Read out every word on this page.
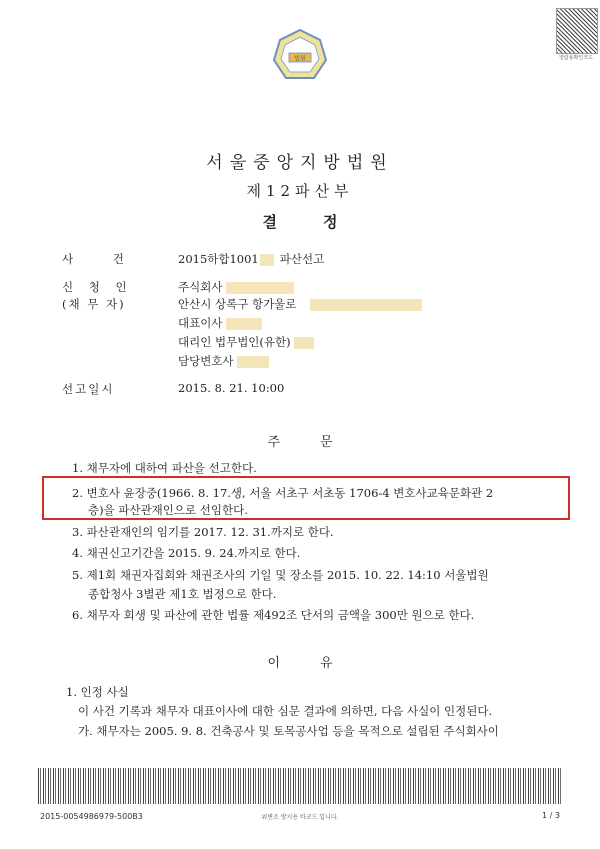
법원	열람용확인코드
서울중앙지방법원
제12파산부
결정
사 건	2015하합1001 파산선고
신 청 인	주식회사
(채 무 자)	안산시 상록구 항가울로
대표이사
대리인 법무법인(유한)
담당변호사
선고일시	2015. 8. 21. 10:00
주문
1. 채무자에 대하여 파산을 선고한다.
2. 변호사 윤장중(1966. 8. 17.생, 서울 서초구 서초동 1706-4 변호사교육문화관 2
층)을 파산관재인으로 선임한다.
3. 파산관재인의 임기를 2017. 12. 31.까지로 한다.
4. 채권신고기간을 2015. 9. 24.까지로 한다.
5. 제1회 채권자집회와 채권조사의 기일 및 장소를 2015. 10. 22. 14:10 서울법원
종합청사 3별관 제1호 법정으로 한다.
6. 채무자 회생 및 파산에 관한 법률 제492조 단서의 금액을 300만 원으로 한다.
이유
1. 인정 사실
이 사건 기록과 채무자 대표이사에 대한 심문 결과에 의하면, 다음 사실이 인정된다.
가. 채무자는 2005. 9. 8. 건축공사 및 토목공사업 등을 목적으로 설립된 주식회사이
2015-0054986979-500B3	위변조 방지용 바코드 입니다.	1 / 3
